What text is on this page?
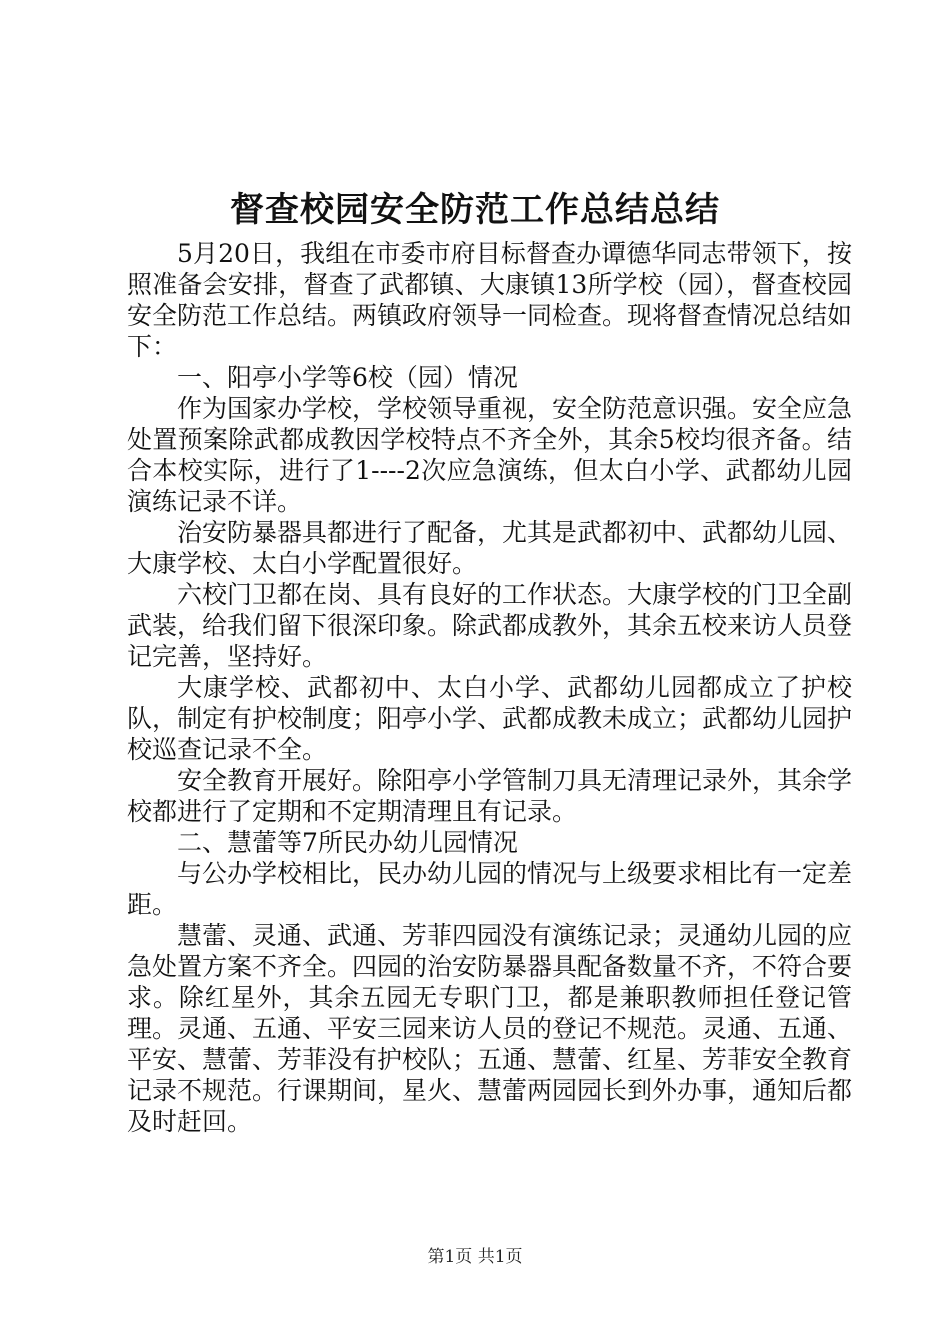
督查校园安全防范工作总结总结

5月20日，我组在市委市府目标督查办谭德华同志带领下，按照准备会安排，督查了武都镇、大康镇13所学校（园），督查校园安全防范工作总结。两镇政府领导一同检查。现将督查情况总结如下：

一、阳亭小学等6校（园）情况

作为国家办学校，学校领导重视，安全防范意识强。安全应急处置预案除武都成教因学校特点不齐全外，其余5校均很齐备。结合本校实际，进行了1----2次应急演练，但太白小学、武都幼儿园演练记录不详。

治安防暴器具都进行了配备，尤其是武都初中、武都幼儿园、大康学校、太白小学配置很好。

六校门卫都在岗、具有良好的工作状态。大康学校的门卫全副武装，给我们留下很深印象。除武都成教外，其余五校来访人员登记完善，坚持好。

大康学校、武都初中、太白小学、武都幼儿园都成立了护校队，制定有护校制度；阳亭小学、武都成教未成立；武都幼儿园护校巡查记录不全。

安全教育开展好。除阳亭小学管制刀具无清理记录外，其余学校都进行了定期和不定期清理且有记录。

二、慧蕾等7所民办幼儿园情况

与公办学校相比，民办幼儿园的情况与上级要求相比有一定差距。

慧蕾、灵通、武通、芳菲四园没有演练记录；灵通幼儿园的应急处置方案不齐全。四园的治安防暴器具配备数量不齐，不符合要求。除红星外，其余五园无专职门卫，都是兼职教师担任登记管理。灵通、五通、平安三园来访人员的登记不规范。灵通、五通、平安、慧蕾、芳菲没有护校队；五通、慧蕾、红星、芳菲安全教育记录不规范。行课期间，星火、慧蕾两园园长到外办事，通知后都及时赶回。

第1页 共1页
